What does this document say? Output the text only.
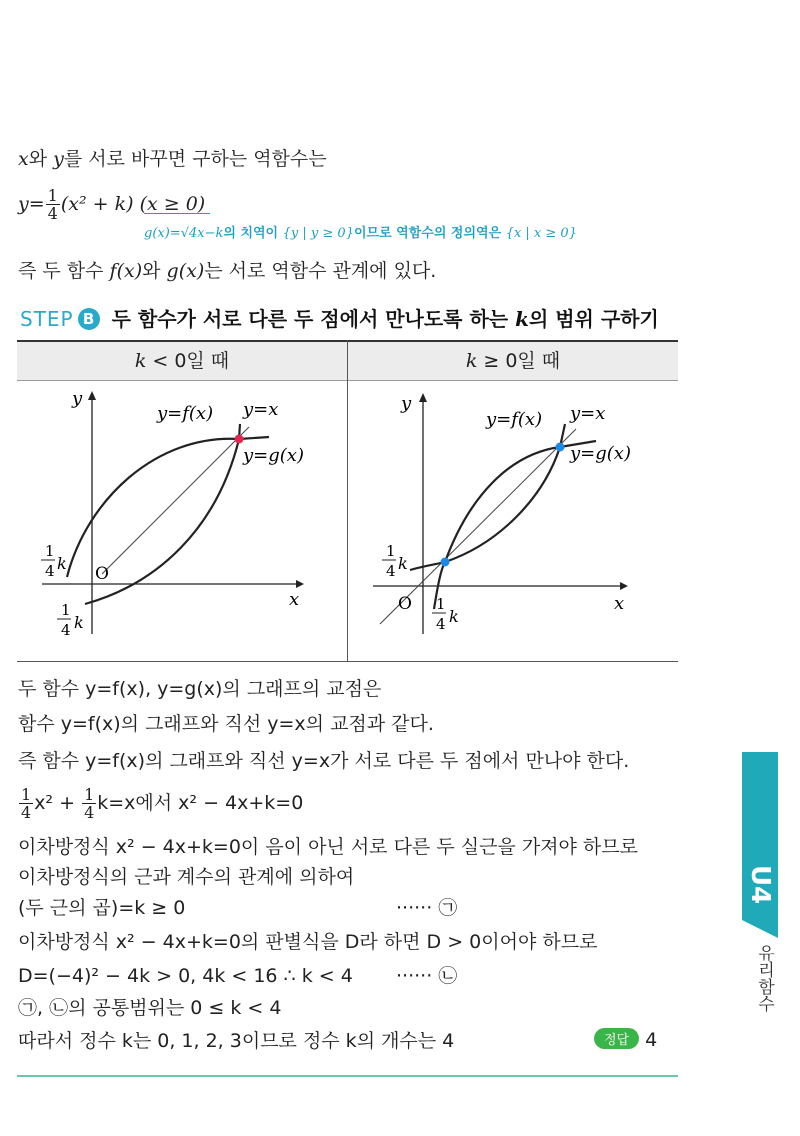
x와 y를 서로 바꾸면 구하는 역함수는
$y= \frac{1}{4} (x^2 + k) (x \ge 0)$
g(x)=√4x−k의 치역이 {y | y ≥ 0}이므로 역함수의 정의역은 {x | x ≥ 0}
즉 두 함수 f(x)와 g(x)는 서로 역함수 관계에 있다.
STEP B 두 함수가 서로 다른 두 점에서 만나도록 하는 k의 범위 구하기
k < 0일 때	k ≥ 0일 때
y
x
O
y=f(x) y=x
y=g(x)
1
4 k
1
4 k
y
x
O
y=f(x) y=x
y=g(x)
1
4 k
1
4 k
두 함수 y=f(x), y=g(x)의 그래프의 교점은
함수 y=f(x)의 그래프와 직선 y=x의 교점과 같다.
즉 함수 y=f(x)의 그래프와 직선 y=x가 서로 다른 두 점에서 만나야 한다.
$\frac{1}{4} x^2 + \frac{1}{4} k=x$에서 x² − 4x+k=0
이차방정식 x² − 4x+k=0이 음이 아닌 서로 다른 두 실근을 가져야 하므로
이차방정식의 근과 계수의 관계에 의하여
(두 근의 곱)=k ≥ 0	······ ㉠
이차방정식 x² − 4x+k=0의 판별식을 D라 하면 D > 0이어야 하므로
D=(−4)² − 4k > 0, 4k < 16 ∴ k < 4 ······ ㉡
㉠, ㉡의 공통범위는 0 ≤ k < 4
따라서 정수 k는 0, 1, 2, 3이므로 정수 k의 개수는 4	정답 4
U4
유리함수
